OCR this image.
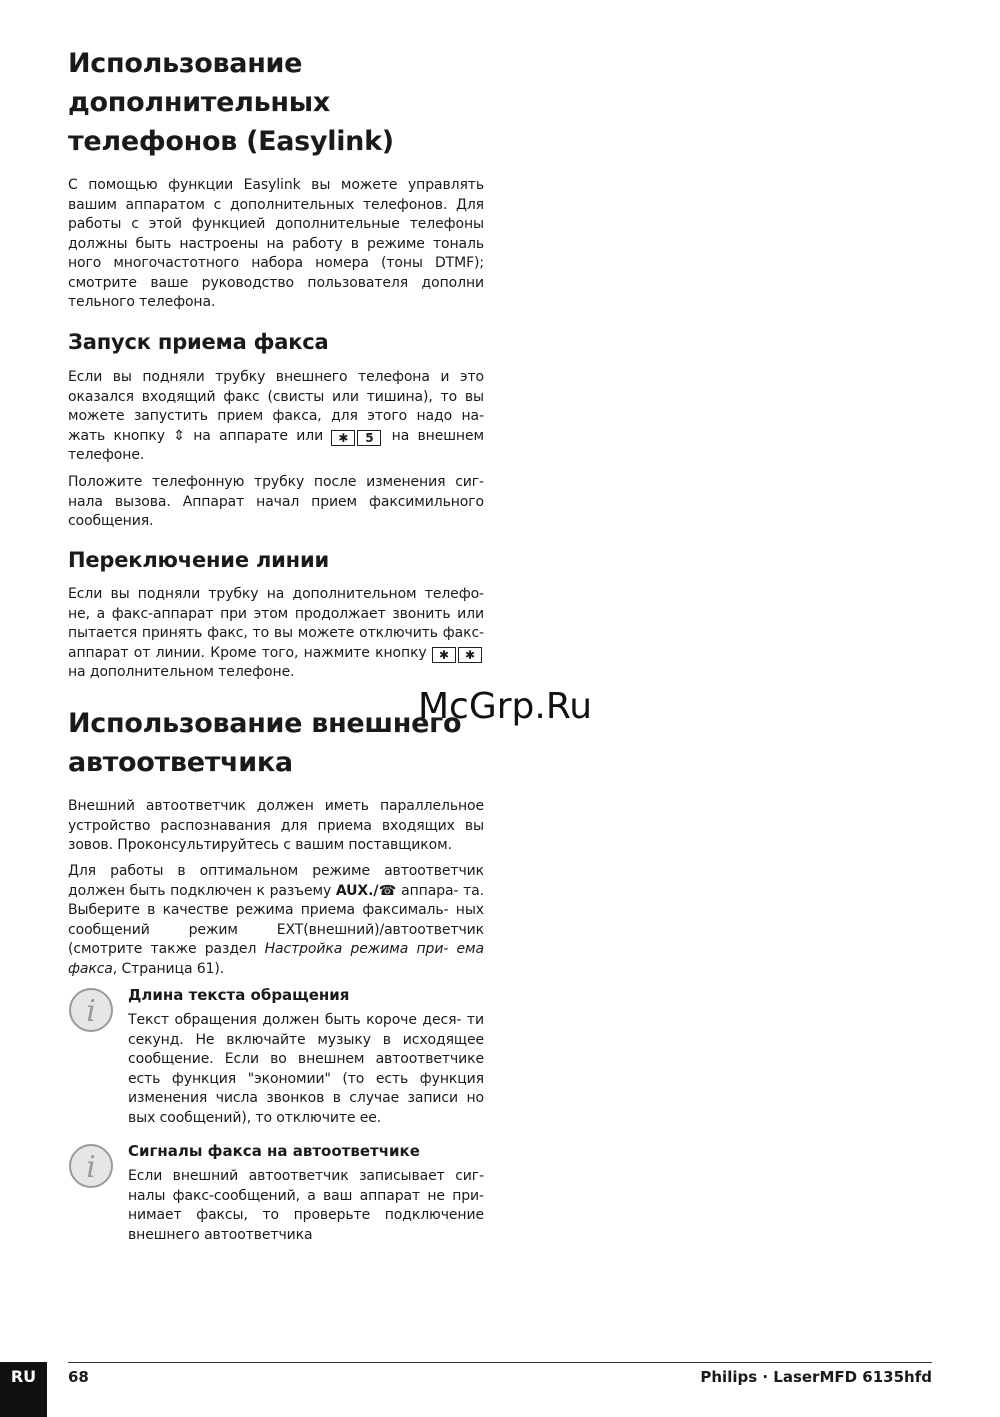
Использование
дополнительных
телефонов (Easylink)

С помощью функции Easylink вы можете управлять вашим аппаратом с дополнительных телефонов. Для работы с этой функцией дополнительные телефоны должны быть настроены на работу в режиме тональ ного многочастотного набора номера (тоны DTMF); смотрите ваше руководство пользователя дополни тельного телефона.

Запуск приема факса

Если вы подняли трубку внешнего телефона и это оказался входящий факс (свисты или тишина), то вы можете запустить прием факса, для этого надо на- жать кнопку ⇕ на аппарате или ✱ 5 на внешнем телефоне.

Положите телефонную трубку после изменения сиг- нала вызова. Аппарат начал прием факсимильного сообщения.

Переключение линии

Если вы подняли трубку на дополнительном телефо- не, а факс-аппарат при этом продолжает звонить или пытается принять факс, то вы можете отключить факс-аппарат от линии. Кроме того, нажмите кнопку ✱ ✱ на дополнительном телефоне.

Использование внешнего
автоответчика
McGrp.Ru

Внешний автоответчик должен иметь параллельное устройство распознавания для приема входящих вы зовов. Проконсультируйтесь с вашим поставщиком.

Для работы в оптимальном режиме автоответчик должен быть подключен к разъему AUX./☎ аппара- та. Выберите в качестве режима приема факсималь- ных сообщений режим EXT(внешний)/автоответчик (смотрите также раздел Настройка режима при- ема факса, Страница 61).

i Длина текста обращения

Текст обращения должен быть короче деся- ти секунд. Не включайте музыку в исходящее сообщение. Если во внешнем автоответчике есть функция "экономии" (то есть функция изменения числа звонков в случае записи но вых сообщений), то отключите ее.

i Сигналы факса на автоответчике

Если внешний автоответчик записывает сиг- налы факс-сообщений, а ваш аппарат не при- нимает факсы, то проверьте подключение внешнего автоответчика

RU	68	Philips · LaserMFD 6135hfd
